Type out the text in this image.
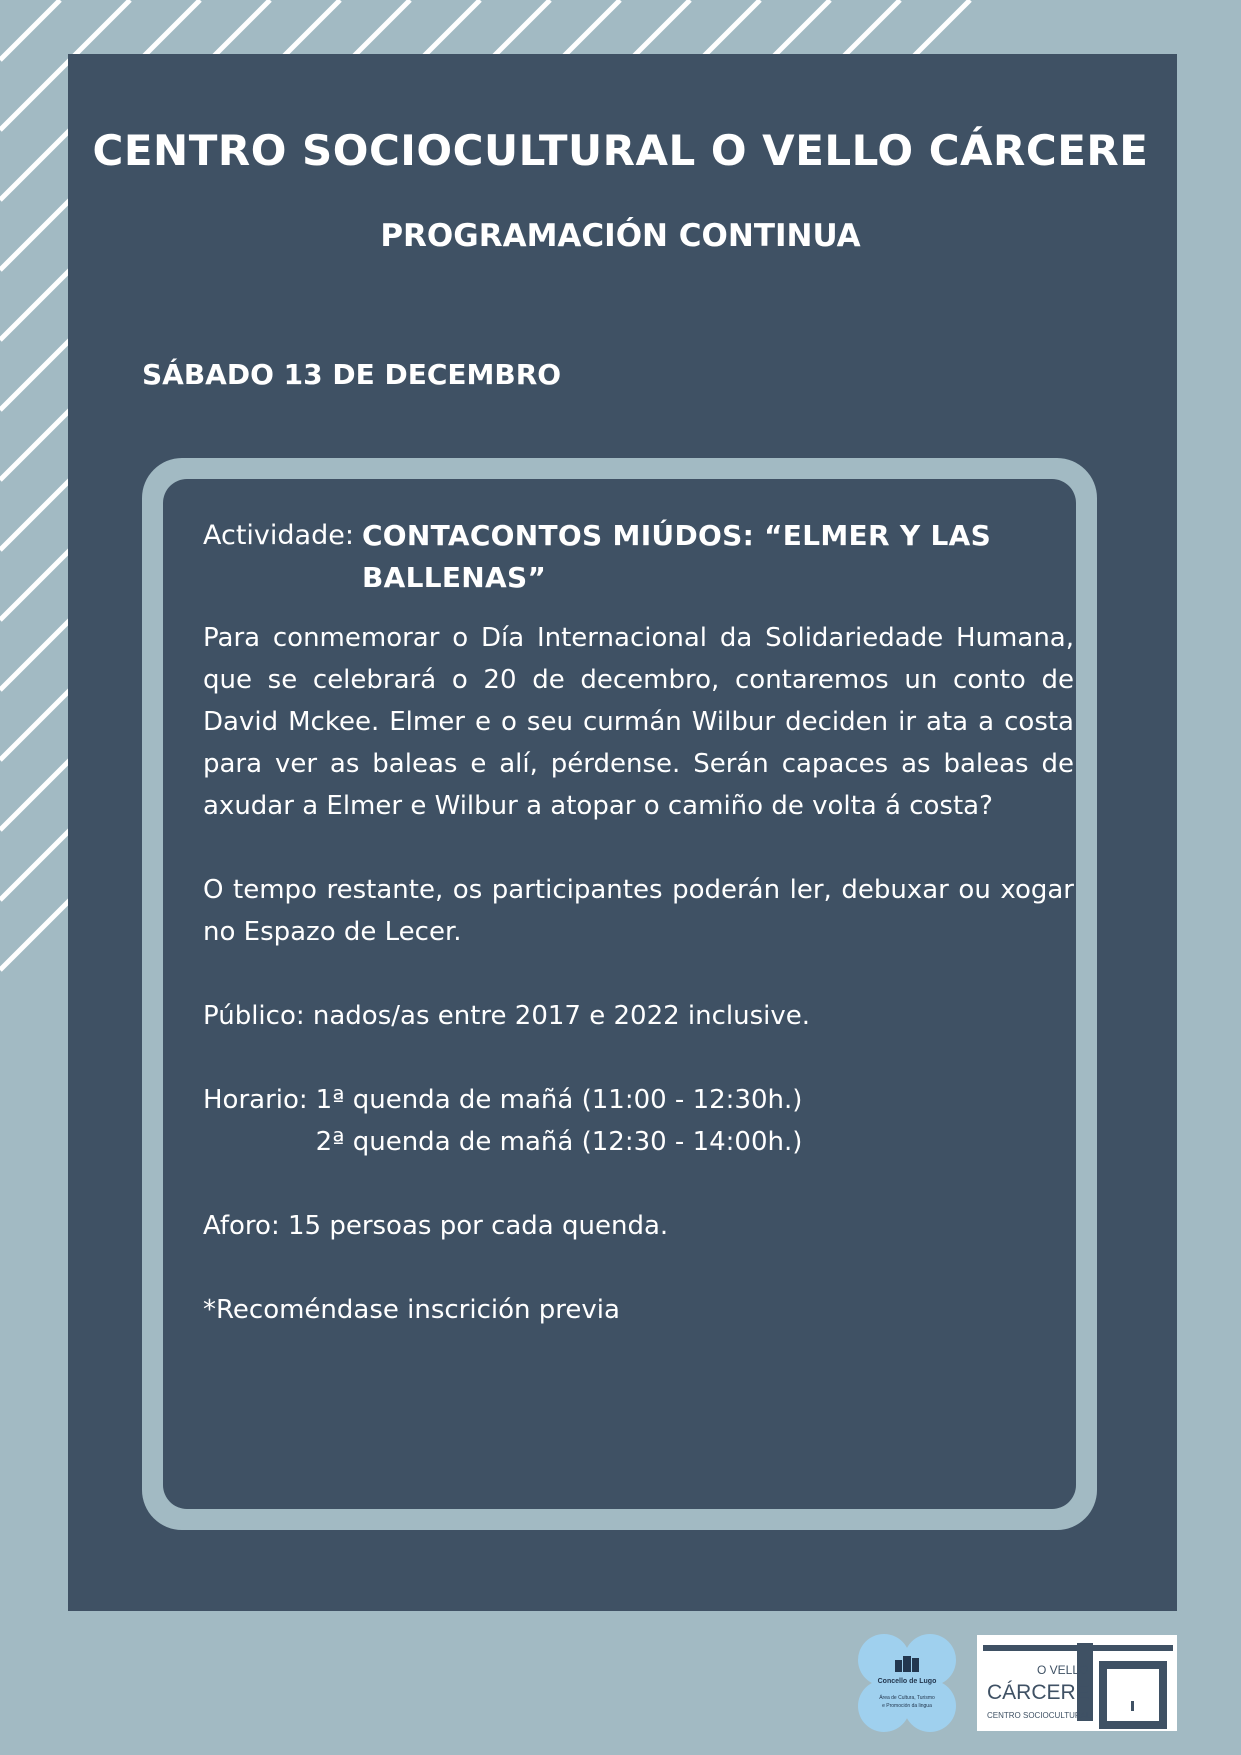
CENTRO SOCIOCULTURAL O VELLO CÁRCERE
PROGRAMACIÓN CONTINUA
SÁBADO 13 DE DECEMBRO
Actividade: CONTACONTOS MIÚDOS: “ELMER Y LAS BALLENAS”

Para conmemorar o Día Internacional da Solidariedade Humana, que se celebrará o 20 de decembro, contaremos un conto de David Mckee. Elmer e o seu curmán Wilbur deciden ir ata a costa para ver as baleas e alí, pérdense. Serán capaces as baleas de axudar a Elmer e Wilbur a atopar o camiño de volta á costa?

O tempo restante, os participantes poderán ler, debuxar ou xogar no Espazo de Lecer.

Público: nados/as entre 2017 e 2022 inclusive.

Horario: 1ª quenda de mañá (11:00 - 12:30h.)
2ª quenda de mañá (12:30 - 14:00h.)

Aforo: 15 persoas por cada quenda.

*Recoméndase inscrición previa

Concello de Lugo
Área de Cultura, Turismo
e Promoción da lingua
O VELLO
CÁRCERE
CENTRO SOCIOCULTURAL
